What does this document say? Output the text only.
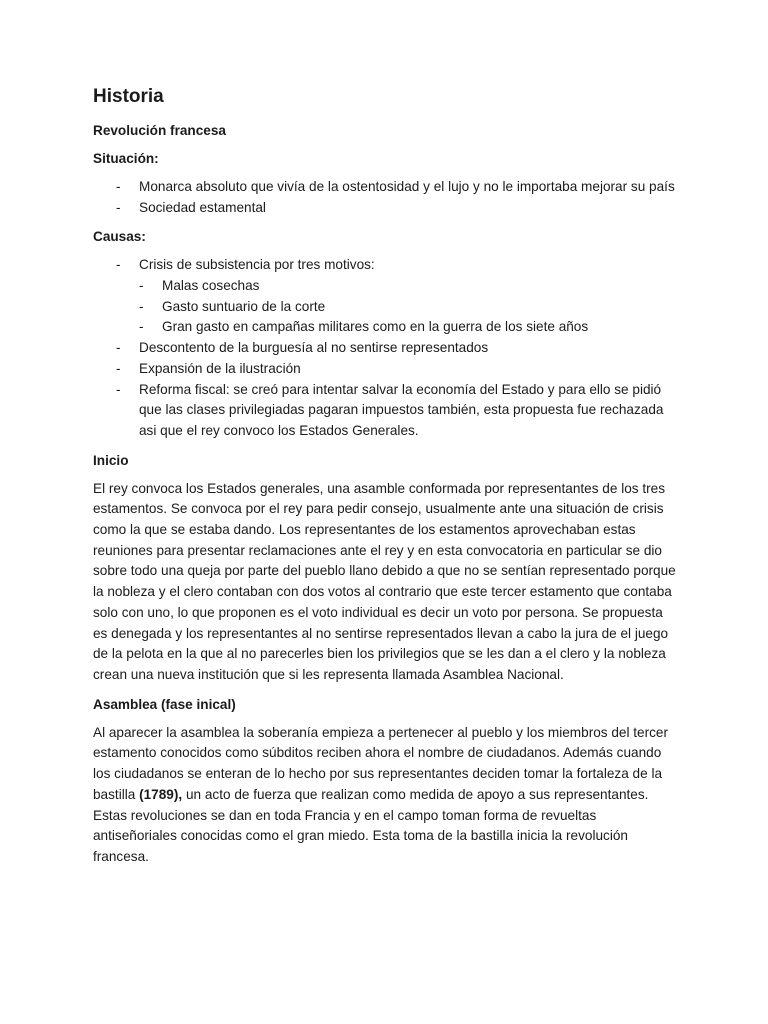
Historia
Revolución francesa
Situación:
- Monarca absoluto que vivía de la ostentosidad y el lujo y no le importaba mejorar su país
- Sociedad estamental
Causas:
- Crisis de subsistencia por tres motivos:
- Malas cosechas
- Gasto suntuario de la corte
- Gran gasto en campañas militares como en la guerra de los siete años
- Descontento de la burguesía al no sentirse representados
- Expansión de la ilustración
- Reforma fiscal: se creó para intentar salvar la economía del Estado y para ello se pidió que las clases privilegiadas pagaran impuestos también, esta propuesta fue rechazada asi que el rey convoco los Estados Generales.
Inicio

El rey convoca los Estados generales, una asamble conformada por representantes de los tres estamentos. Se convoca por el rey para pedir consejo, usualmente ante una situación de crisis como la que se estaba dando. Los representantes de los estamentos aprovechaban estas reuniones para presentar reclamaciones ante el rey y en esta convocatoria en particular se dio sobre todo una queja por parte del pueblo llano debido a que no se sentían representado porque la nobleza y el clero contaban con dos votos al contrario que este tercer estamento que contaba solo con uno, lo que proponen es el voto individual es decir un voto por persona. Se propuesta es denegada y los representantes al no sentirse representados llevan a cabo la jura de el juego de la pelota en la que al no parecerles bien los privilegios que se les dan a el clero y la nobleza crean una nueva institución que si les representa llamada Asamblea Nacional.

Asamblea (fase inical)

Al aparecer la asamblea la soberanía empieza a pertenecer al pueblo y los miembros del tercer estamento conocidos como súbditos reciben ahora el nombre de ciudadanos. Además cuando los ciudadanos se enteran de lo hecho por sus representantes deciden tomar la fortaleza de la bastilla (1789), un acto de fuerza que realizan como medida de apoyo a sus representantes. Estas revoluciones se dan en toda Francia y en el campo toman forma de revueltas antiseñoriales conocidas como el gran miedo. Esta toma de la bastilla inicia la revolución francesa.
